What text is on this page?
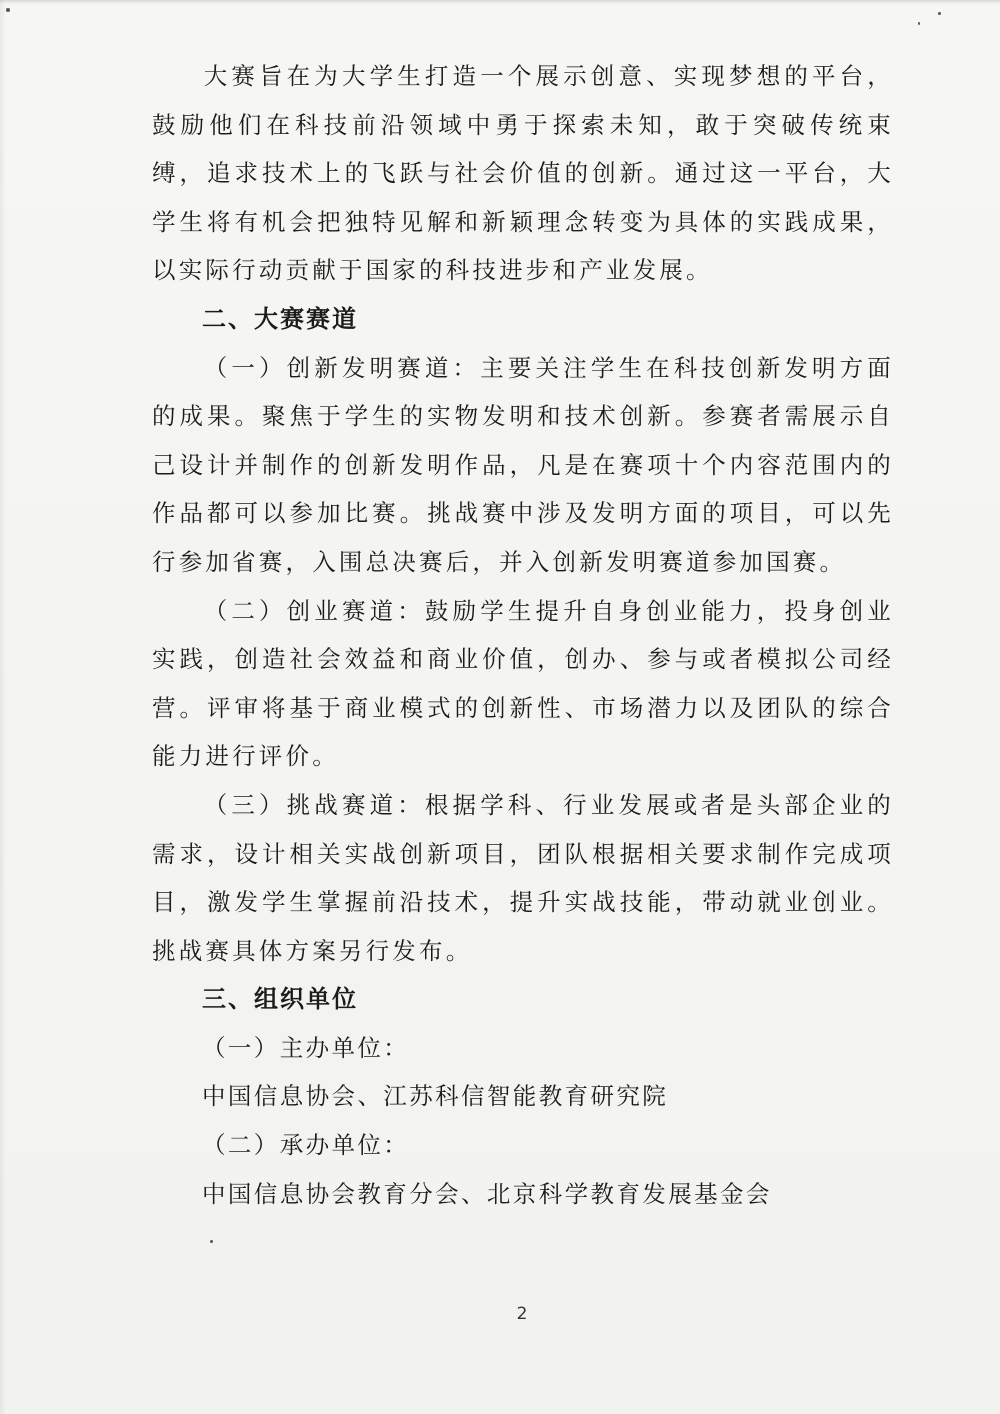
大赛旨在为大学生打造一个展示创意、实现梦想的平台，鼓励他们在科技前沿领域中勇于探索未知，敢于突破传统束缚，追求技术上的飞跃与社会价值的创新。通过这一平台，大学生将有机会把独特见解和新颖理念转变为具体的实践成果，以实际行动贡献于国家的科技进步和产业发展。

二、大赛赛道

（一）创新发明赛道：主要关注学生在科技创新发明方面的成果。聚焦于学生的实物发明和技术创新。参赛者需展示自己设计并制作的创新发明作品，凡是在赛项十个内容范围内的作品都可以参加比赛。挑战赛中涉及发明方面的项目，可以先行参加省赛，入围总决赛后，并入创新发明赛道参加国赛。

（二）创业赛道：鼓励学生提升自身创业能力，投身创业实践，创造社会效益和商业价值，创办、参与或者模拟公司经营。评审将基于商业模式的创新性、市场潜力以及团队的综合能力进行评价。

（三）挑战赛道：根据学科、行业发展或者是头部企业的需求，设计相关实战创新项目，团队根据相关要求制作完成项目，激发学生掌握前沿技术，提升实战技能，带动就业创业。挑战赛具体方案另行发布。

三、组织单位

（一）主办单位：

中国信息协会、江苏科信智能教育研究院

（二）承办单位：

中国信息协会教育分会、北京科学教育发展基金会

2
